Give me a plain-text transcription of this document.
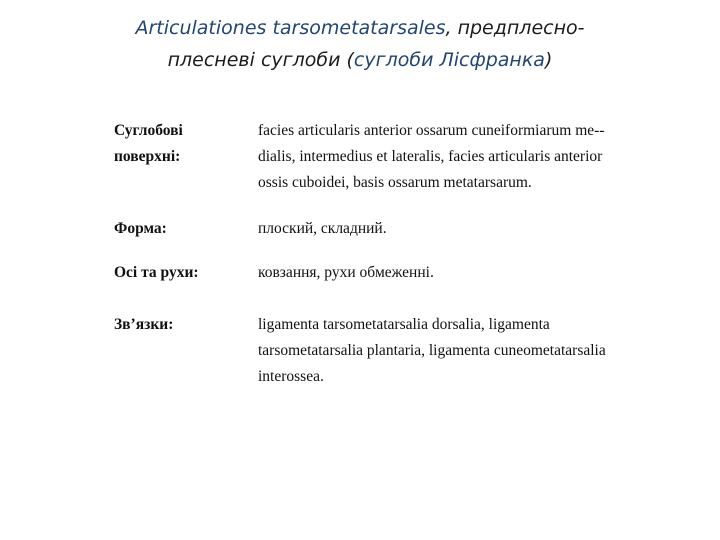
Articulationes tarsometatarsales, предплесно-
плесневі суглоби (суглоби Лісфранка)
Суглобові
поверхні:
facies articularis anterior ossarum cuneiformiarum me--
dialis, intermedius et lateralis, facies articularis anterior
ossis cuboidei, basis ossarum metatarsarum.
Форма:	плоский, складний.
Осі та рухи:	ковзання, рухи обмеженні.
Зв’язки:	ligamenta tarsometatarsalia dorsalia, ligamenta
tarsometatarsalia plantaria, ligamenta cuneometatarsalia
interossea.
